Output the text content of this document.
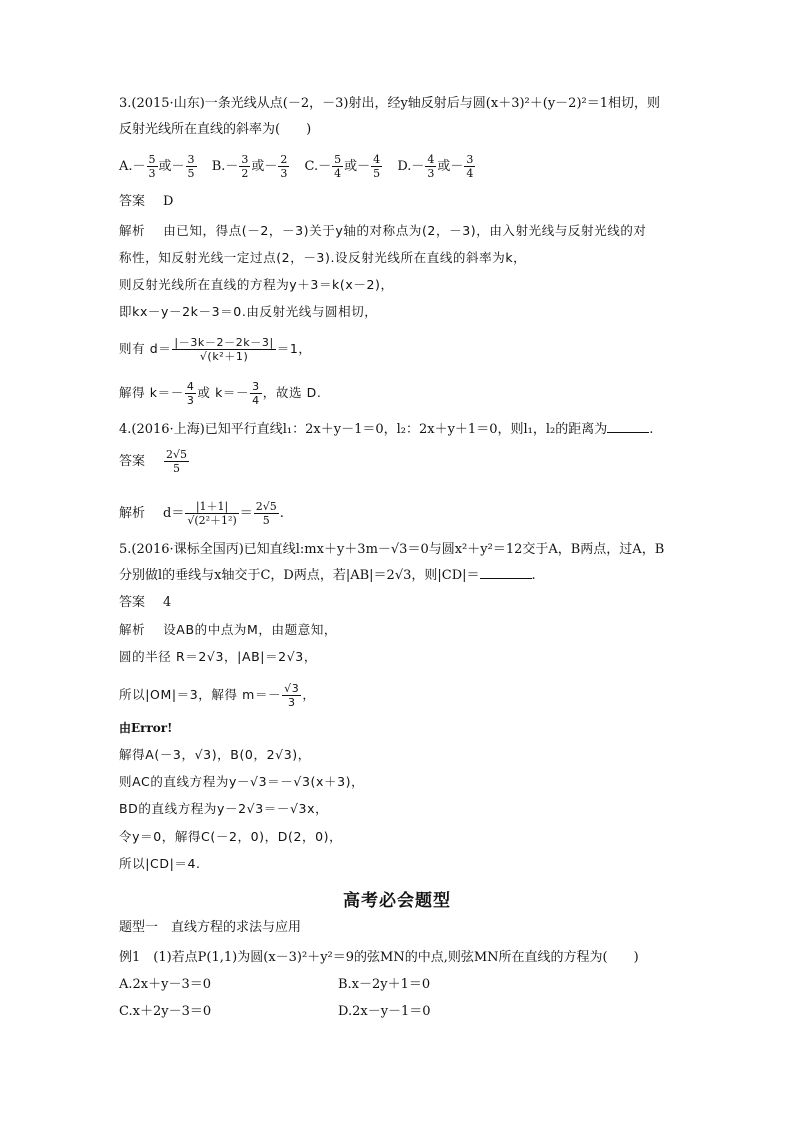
3.(2015·山东)一条光线从点(－2，－3)射出，经y轴反射后与圆(x＋3)²＋(y－2)²＝1相切，则
反射光线所在直线的斜率为(　　)
$A.- \frac{5}{3}$ 或－ $\frac{3}{5} B.- \frac{3}{2}$ 或－ $\frac{2}{3} C.- \frac{5}{4}$ 或－ $\frac{4}{5} D.- \frac{4}{3}$ 或－ $\frac{3}{4}$
答案 D
解析 由已知，得点(－2，－3)关于y轴的对称点为(2，－3)，由入射光线与反射光线的对
称性，知反射光线一定过点(2，－3).设反射光线所在直线的斜率为k，
则反射光线所在直线的方程为y＋3＝k(x－2)，
即kx－y－2k－3＝0.由反射光线与圆相切，
则有 $d= \frac{|-3k-2-2k-3|}{\text{√(k²＋1)}} =1$，
解得 $k=- \frac{4}{3}$ 或 $k=- \frac{3}{4}$ ，故选 D.
4.(2016·上海)已知平行直线l₁：2x＋y－1＝0，l₂：2x＋y＋1＝0，则l₁，l₂的距离为	.
答案 $\frac{2√5}{5}$
解析 $d= \frac{|1+1|}{\text{√(2²＋1²)}} = \frac{2√5}{5}$ .
5.(2016·课标全国丙)已知直线l:mx＋y＋3m－√3＝0与圆x²＋y²＝12交于A，B两点，过A，B
分别做l的垂线与x轴交于C，D两点，若|AB|＝2√3，则|CD|＝	.
答案 4
解析 设AB的中点为M，由题意知，
圆的半径 R＝2√3，|AB|＝2√3，
所以|OM|＝3，解得 $m=- \frac{√3}{3}$ ，
由Error!
解得A(－3，√3)，B(0，2√3)，
则AC的直线方程为y－√3＝－√3(x＋3)，
BD的直线方程为y－2√3＝－√3x，
令y＝0，解得C(－2，0)，D(2，0)，
所以|CD|＝4.
高考必会题型
题型一　直线方程的求法与应用
例1　(1)若点P(1,1)为圆(x－3)²＋y²＝9的弦MN的中点,则弦MN所在直线的方程为(　　)
A.2x＋y－3＝0	B.x－2y＋1＝0
C.x＋2y－3＝0	D.2x－y－1＝0
